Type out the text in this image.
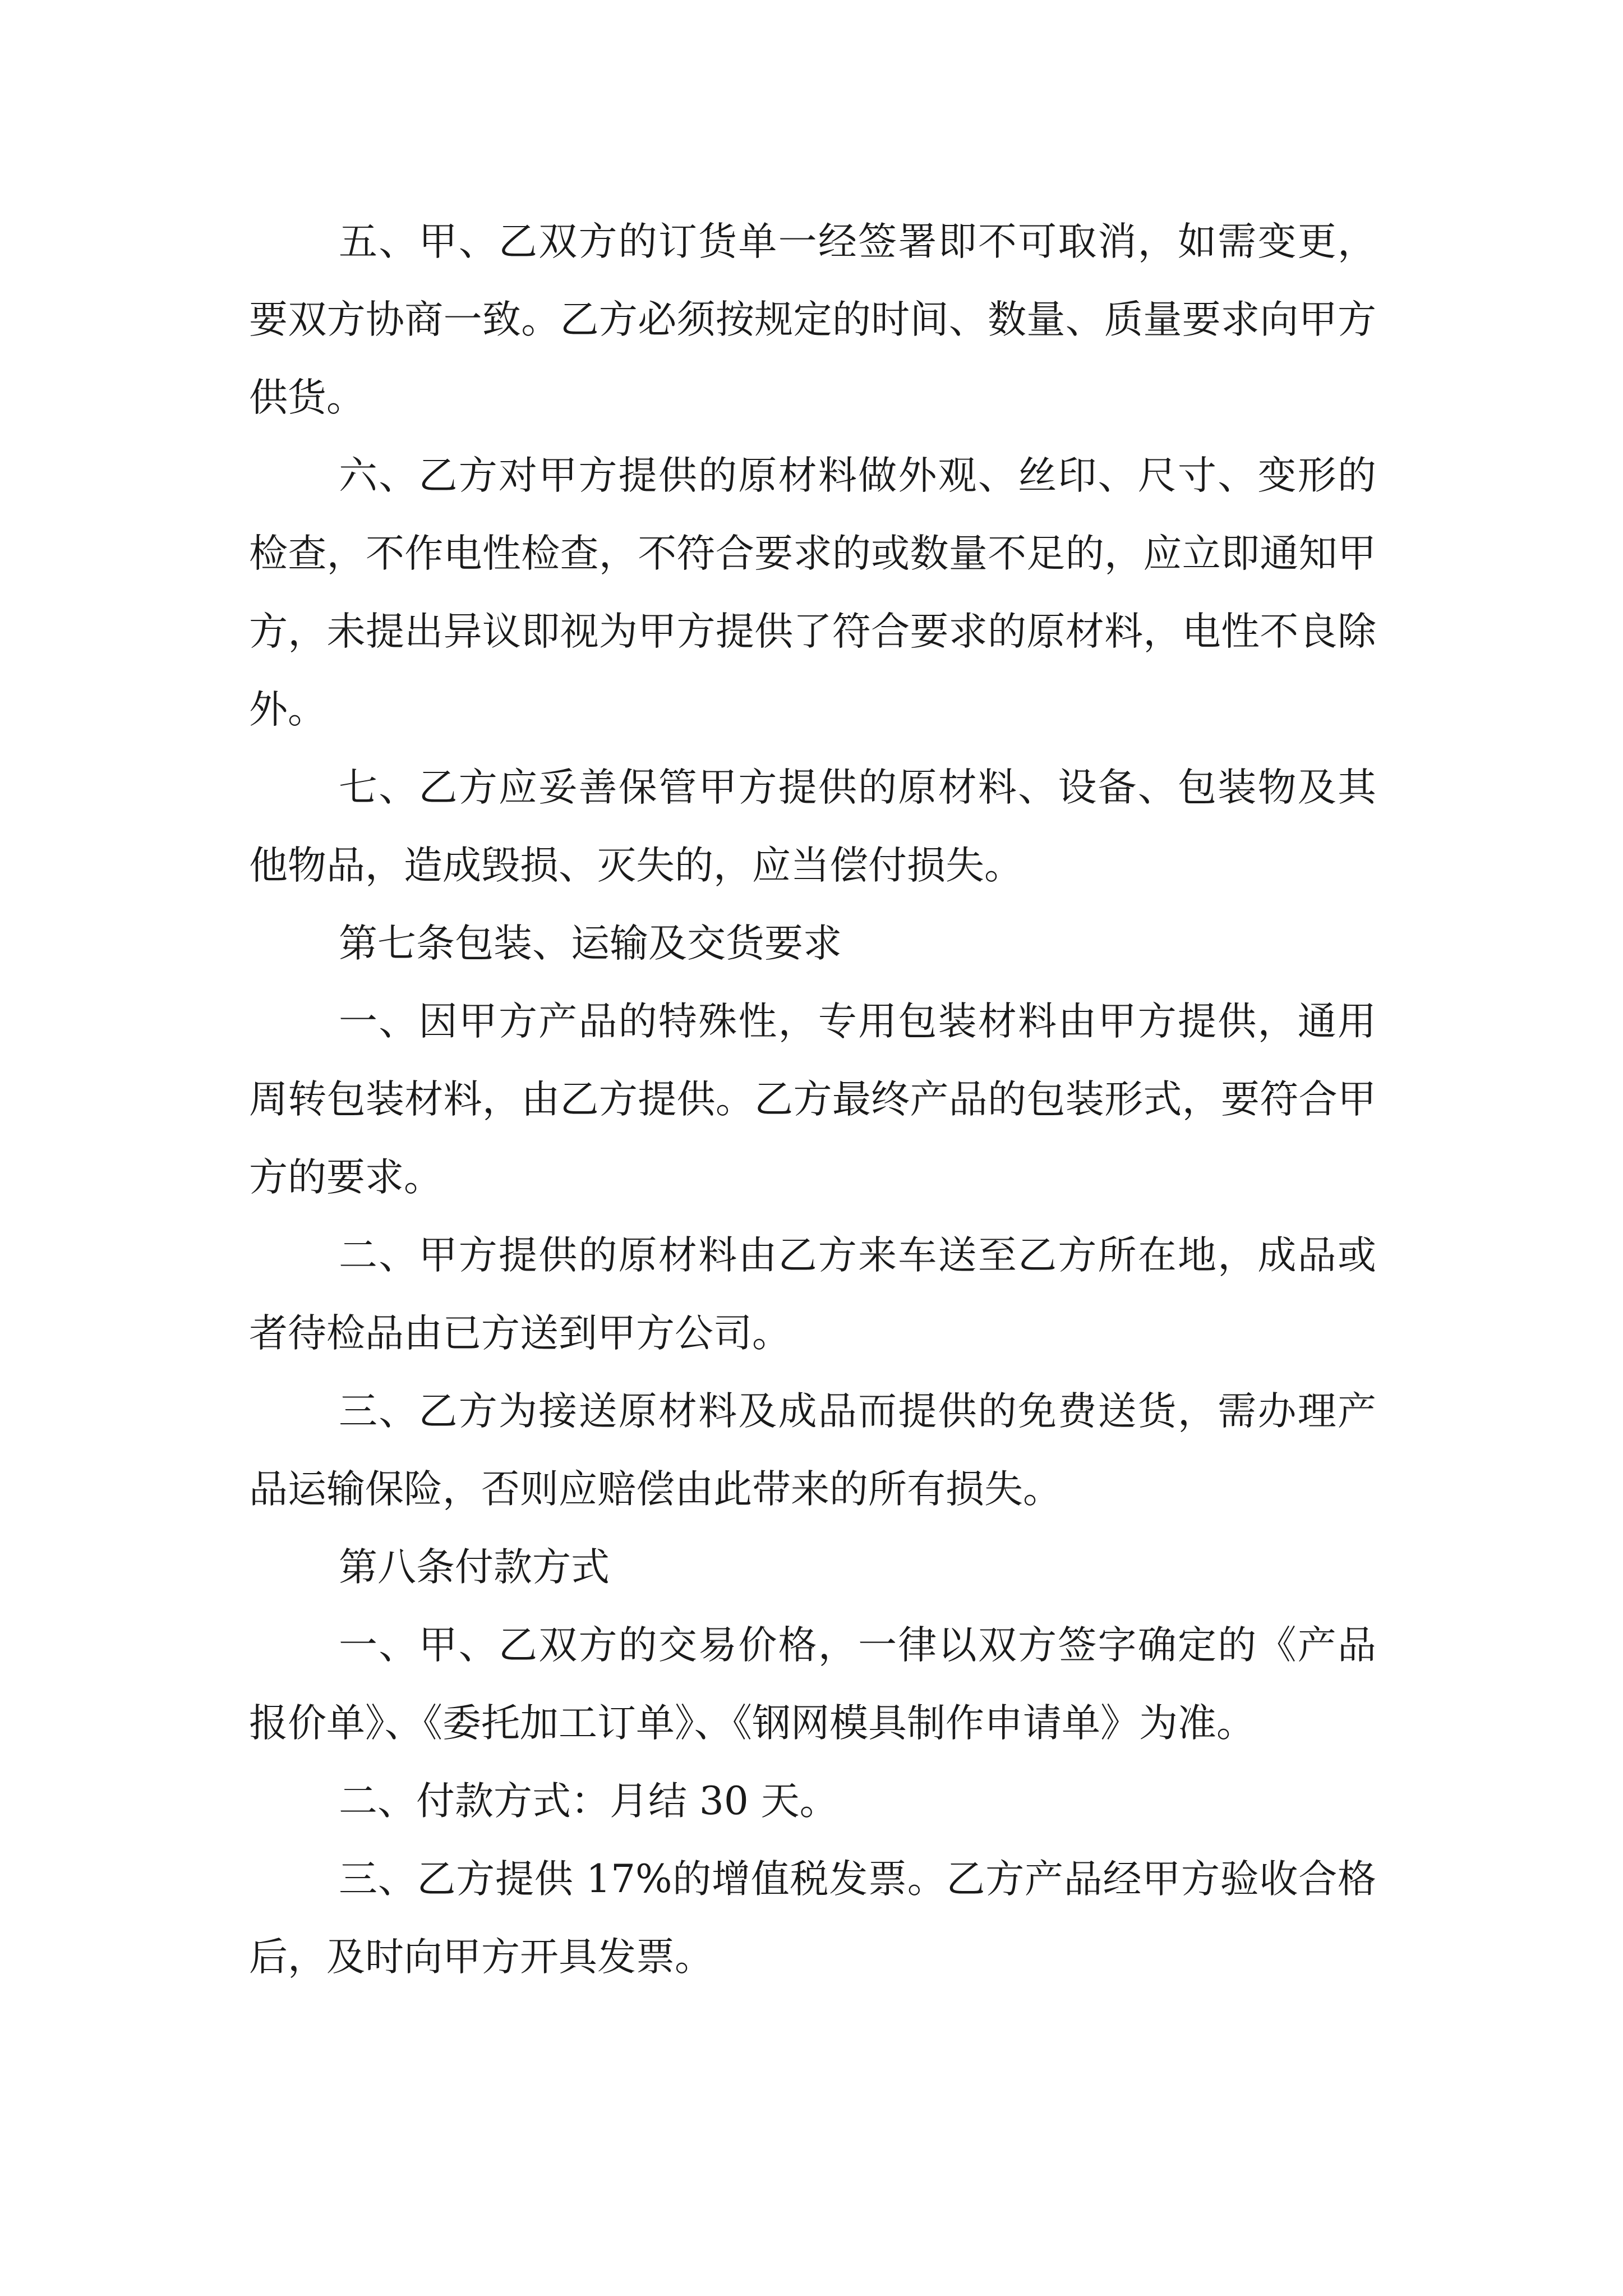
五、甲、乙双方的订货单一经签署即不可取消，如需变更，要双方协商一致。乙方必须按规定的时间、数量、质量要求向甲方供货。

六、乙方对甲方提供的原材料做外观、丝印、尺寸、变形的检查，不作电性检查，不符合要求的或数量不足的，应立即通知甲方，未提出异议即视为甲方提供了符合要求的原材料，电性不良除外。

七、乙方应妥善保管甲方提供的原材料、设备、包装物及其他物品，造成毁损、灭失的，应当偿付损失。

第七条包装、运输及交货要求

一、因甲方产品的特殊性，专用包装材料由甲方提供，通用周转包装材料，由乙方提供。乙方最终产品的包装形式，要符合甲方的要求。

二、甲方提供的原材料由乙方来车送至乙方所在地，成品或者待检品由已方送到甲方公司。

三、乙方为接送原材料及成品而提供的免费送货，需办理产品运输保险，否则应赔偿由此带来的所有损失。

第八条付款方式

一、甲、乙双方的交易价格，一律以双方签字确定的《产品报价单》、《委托加工订单》、《钢网模具制作申请单》为准。

二、付款方式：月结 30 天。

三、乙方提供 17%的增值税发票。乙方产品经甲方验收合格后，及时向甲方开具发票。
